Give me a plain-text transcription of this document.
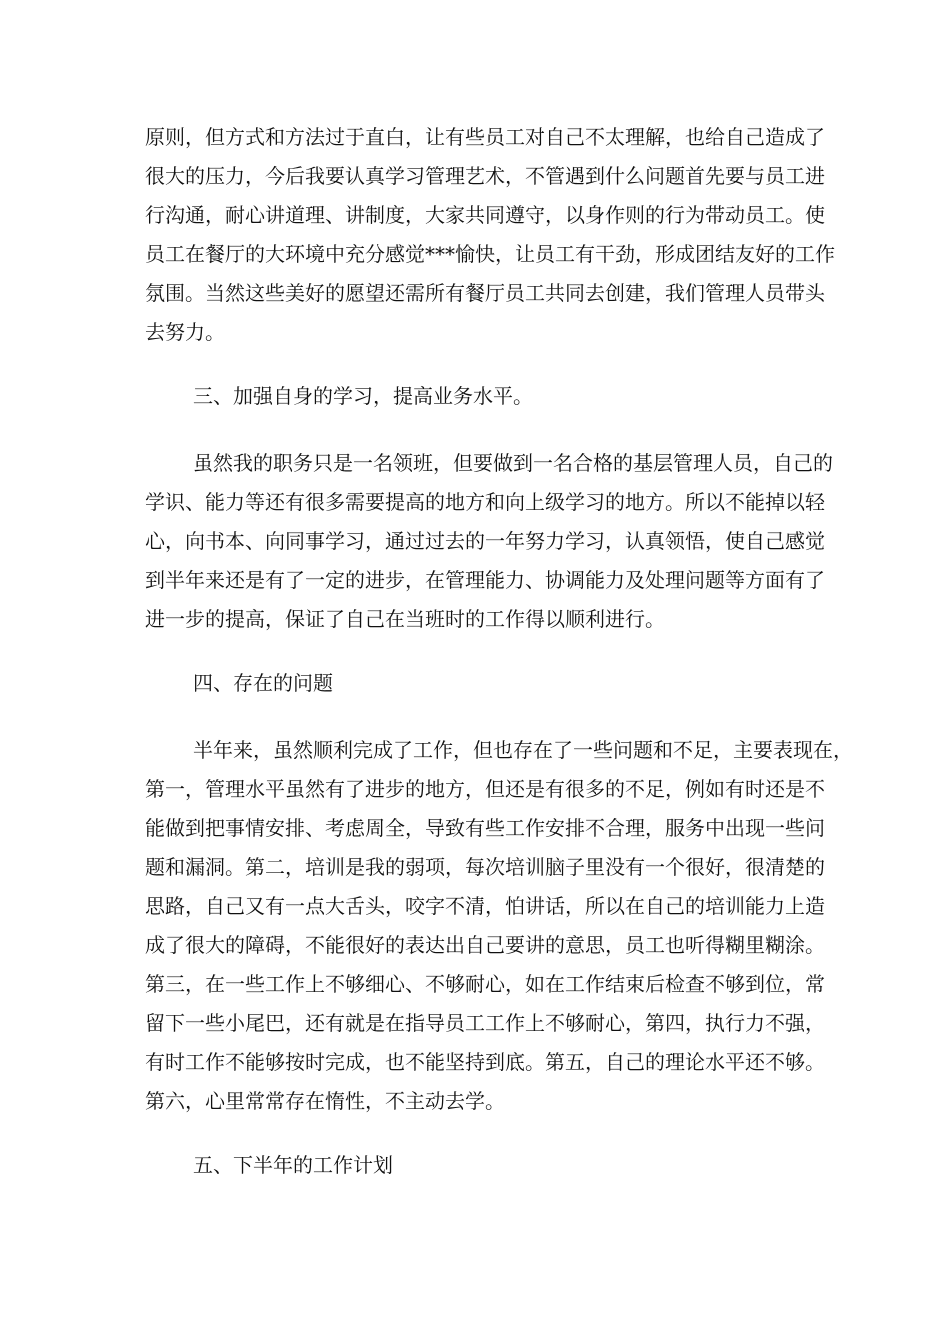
原则，但方式和方法过于直白，让有些员工对自己不太理解，也给自己造成了
很大的压力，今后我要认真学习管理艺术，不管遇到什么问题首先要与员工进
行沟通，耐心讲道理、讲制度，大家共同遵守，以身作则的行为带动员工。使
员工在餐厅的大环境中充分感觉***愉快，让员工有干劲，形成团结友好的工作
氛围。当然这些美好的愿望还需所有餐厅员工共同去创建，我们管理人员带头
去努力。
三、加强自身的学习，提高业务水平。
虽然我的职务只是一名领班，但要做到一名合格的基层管理人员，自己的
学识、能力等还有很多需要提高的地方和向上级学习的地方。所以不能掉以轻
心，向书本、向同事学习，通过过去的一年努力学习，认真领悟，使自己感觉
到半年来还是有了一定的进步，在管理能力、协调能力及处理问题等方面有了
进一步的提高，保证了自己在当班时的工作得以顺利进行。
四、存在的问题
半年来，虽然顺利完成了工作，但也存在了一些问题和不足，主要表现在，
第一，管理水平虽然有了进步的地方，但还是有很多的不足，例如有时还是不
能做到把事情安排、考虑周全，导致有些工作安排不合理，服务中出现一些问
题和漏洞。第二，培训是我的弱项，每次培训脑子里没有一个很好，很清楚的
思路，自己又有一点大舌头，咬字不清，怕讲话，所以在自己的培训能力上造
成了很大的障碍，不能很好的表达出自己要讲的意思，员工也听得糊里糊涂。
第三，在一些工作上不够细心、不够耐心，如在工作结束后检查不够到位，常
留下一些小尾巴，还有就是在指导员工工作上不够耐心，第四，执行力不强，
有时工作不能够按时完成，也不能坚持到底。第五，自己的理论水平还不够。
第六，心里常常存在惰性，不主动去学。
五、下半年的工作计划
